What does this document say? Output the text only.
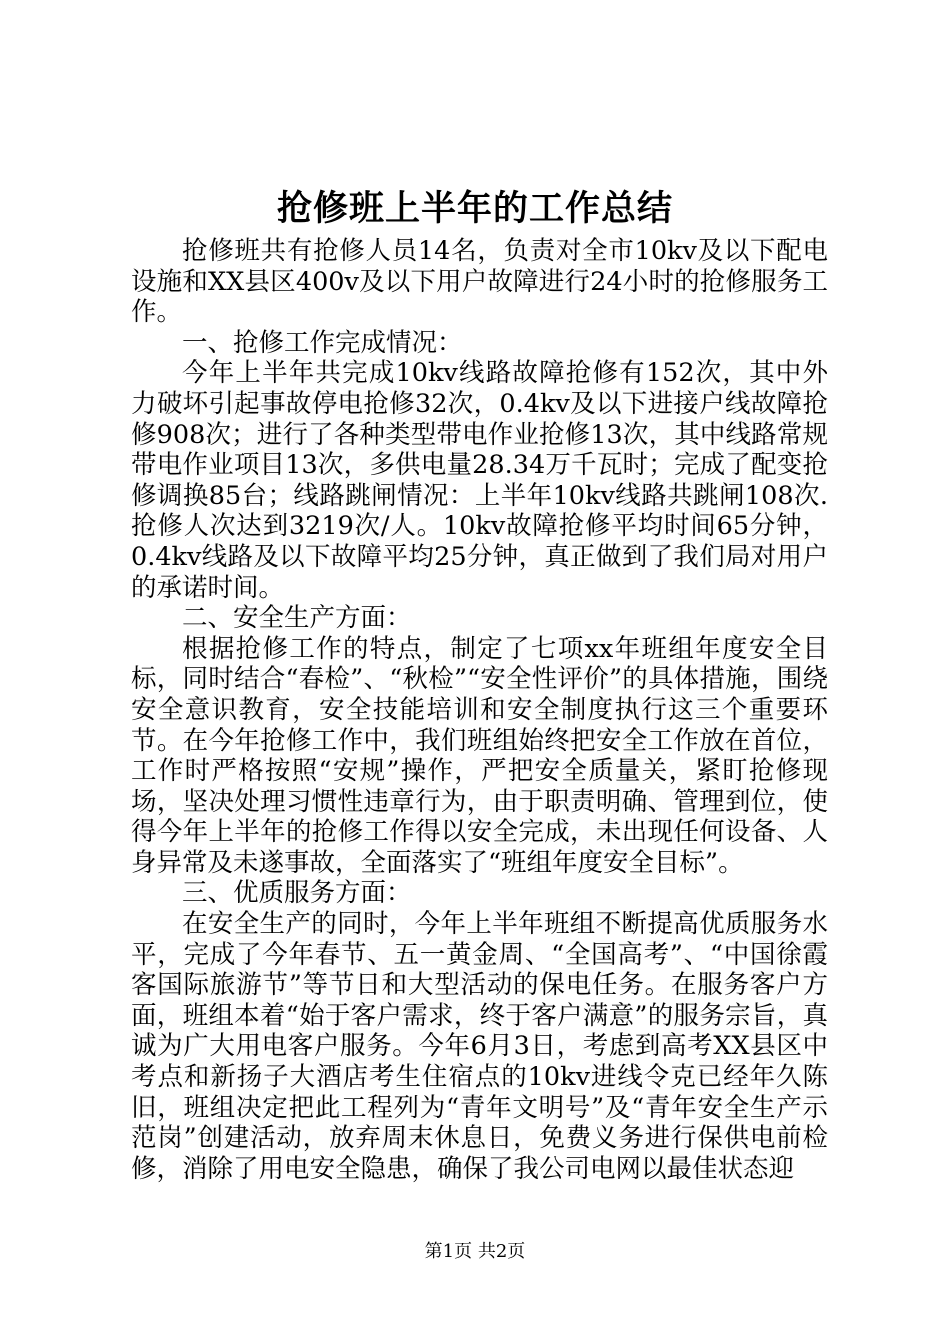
抢修班上半年的工作总结

抢修班共有抢修人员14名，负责对全市10kv及以下配电设施和XX县区400v及以下用户故障进行24小时的抢修服务工作。

一、抢修工作完成情况：

今年上半年共完成10kv线路故障抢修有152次，其中外力破坏引起事故停电抢修32次，0.4kv及以下进接户线故障抢修908次；进行了各种类型带电作业抢修13次，其中线路常规带电作业项目13次，多供电量28.34万千瓦时；完成了配变抢修调换85台；线路跳闸情况：上半年10kv线路共跳闸108次.抢修人次达到3219次/人。10kv故障抢修平均时间65分钟，0.4kv线路及以下故障平均25分钟，真正做到了我们局对用户的承诺时间。

二、安全生产方面：

根据抢修工作的特点，制定了七项xx年班组年度安全目标，同时结合“春检”、“秋检”“安全性评价”的具体措施，围绕安全意识教育，安全技能培训和安全制度执行这三个重要环节。在今年抢修工作中，我们班组始终把安全工作放在首位，工作时严格按照“安规”操作，严把安全质量关，紧盯抢修现场，坚决处理习惯性违章行为，由于职责明确、管理到位，使得今年上半年的抢修工作得以安全完成，未出现任何设备、人身异常及未遂事故，全面落实了“班组年度安全目标”。

三、优质服务方面：

在安全生产的同时，今年上半年班组不断提高优质服务水平，完成了今年春节、五一黄金周、“全国高考”、“中国徐霞客国际旅游节”等节日和大型活动的保电任务。在服务客户方面，班组本着“始于客户需求，终于客户满意”的服务宗旨，真诚为广大用电客户服务。今年6月3日，考虑到高考XX县区中考点和新扬子大酒店考生住宿点的10kv进线令克已经年久陈旧，班组决定把此工程列为“青年文明号”及“青年安全生产示范岗”创建活动，放弃周末休息日，免费义务进行保供电前检修，消除了用电安全隐患，确保了我公司电网以最佳状态迎

第1页 共2页
